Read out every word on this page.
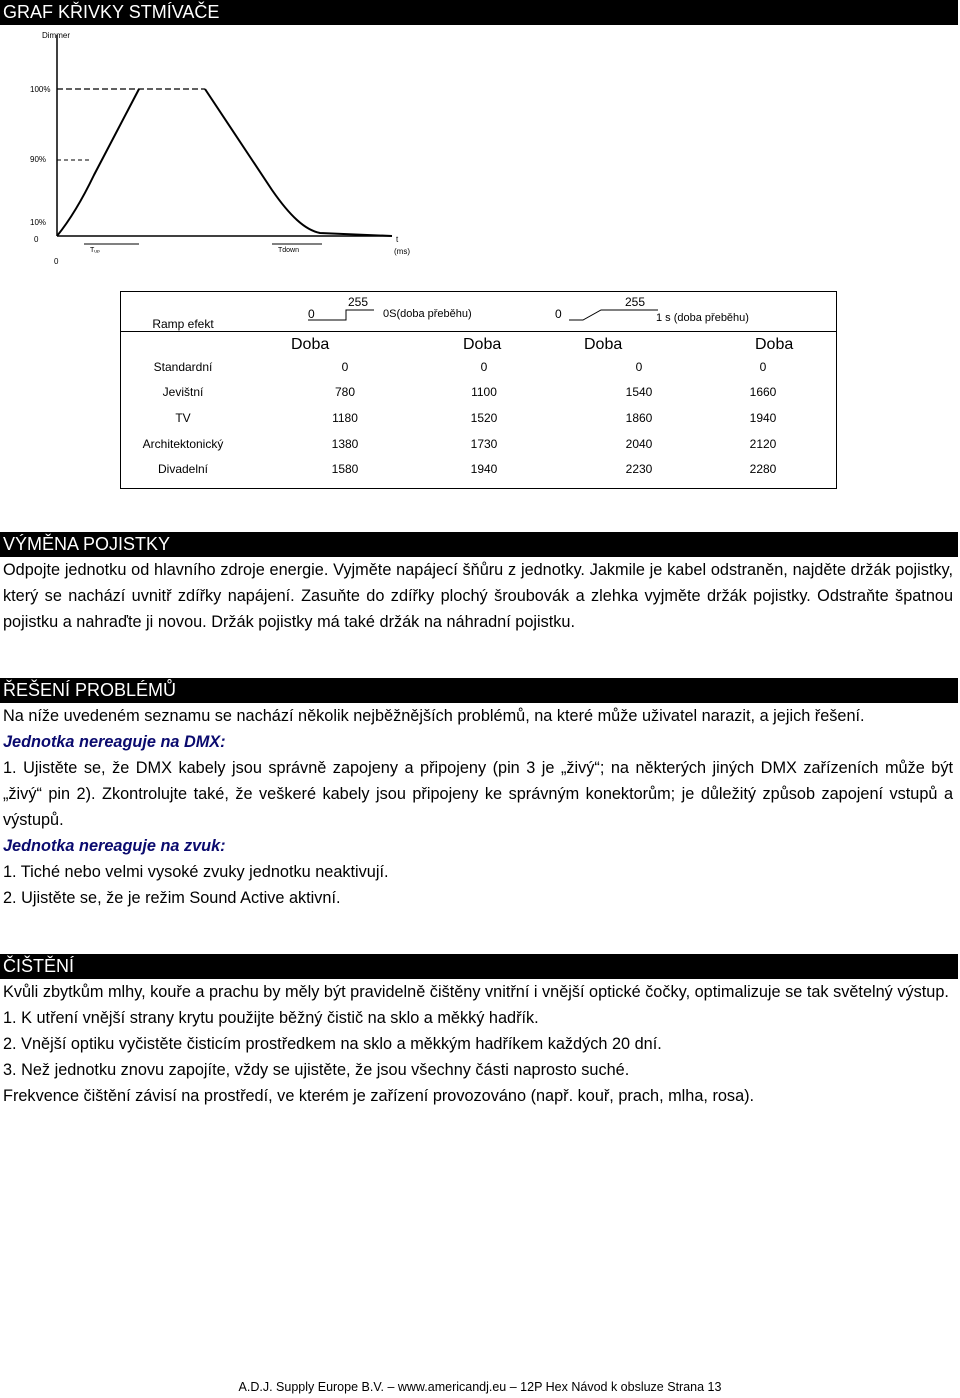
GRAF KŘIVKY STMÍVAČE
Dimmer
100%
90%
10%
0
0
t
(ms)
Tᵤₚ	Tdown
Ramp efekt
0
255
0S(doba přeběhu)	0
255
1 s (doba přeběhu)
Doba	Doba	Doba	Doba
Standardní	0	0	0	0
Jevištní	780	1100	1540	1660
TV	1180	1520	1860	1940
Architektonický	1380	1730	2040	2120
Divadelní	1580	1940	2230	2280
VÝMĚNA POJISTKY

Odpojte jednotku od hlavního zdroje energie. Vyjměte napájecí šňůru z jednotky. Jakmile je kabel odstraněn, najděte držák pojistky, který se nachází uvnitř zdířky napájení. Zasuňte do zdířky plochý šroubovák a zlehka vyjměte držák pojistky. Odstraňte špatnou pojistku a nahraďte ji novou. Držák pojistky má také držák na náhradní pojistku.

ŘEŠENÍ PROBLÉMŮ

Na níže uvedeném seznamu se nachází několik nejběžnějších problémů, na které může uživatel narazit, a jejich řešení.

Jednotka nereaguje na DMX:

1. Ujistěte se, že DMX kabely jsou správně zapojeny a připojeny (pin 3 je „živý“; na některých jiných DMX zařízeních může být „živý“ pin 2). Zkontrolujte také, že veškeré kabely jsou připojeny ke správným konektorům; je důležitý způsob zapojení vstupů a výstupů.

Jednotka nereaguje na zvuk:

1. Tiché nebo velmi vysoké zvuky jednotku neaktivují.

2. Ujistěte se, že je režim Sound Active aktivní.

ČIŠTĚNÍ

Kvůli zbytkům mlhy, kouře a prachu by měly být pravidelně čištěny vnitřní i vnější optické čočky, optimalizuje se tak světelný výstup.

1. K utření vnější strany krytu použijte běžný čistič na sklo a měkký hadřík.

2. Vnější optiku vyčistěte čisticím prostředkem na sklo a měkkým hadříkem každých 20 dní.

3. Než jednotku znovu zapojíte, vždy se ujistěte, že jsou všechny části naprosto suché.

Frekvence čištění závisí na prostředí, ve kterém je zařízení provozováno (např. kouř, prach, mlha, rosa).

A.D.J. Supply Europe B.V. – www.americandj.eu – 12P Hex Návod k obsluze Strana 13
